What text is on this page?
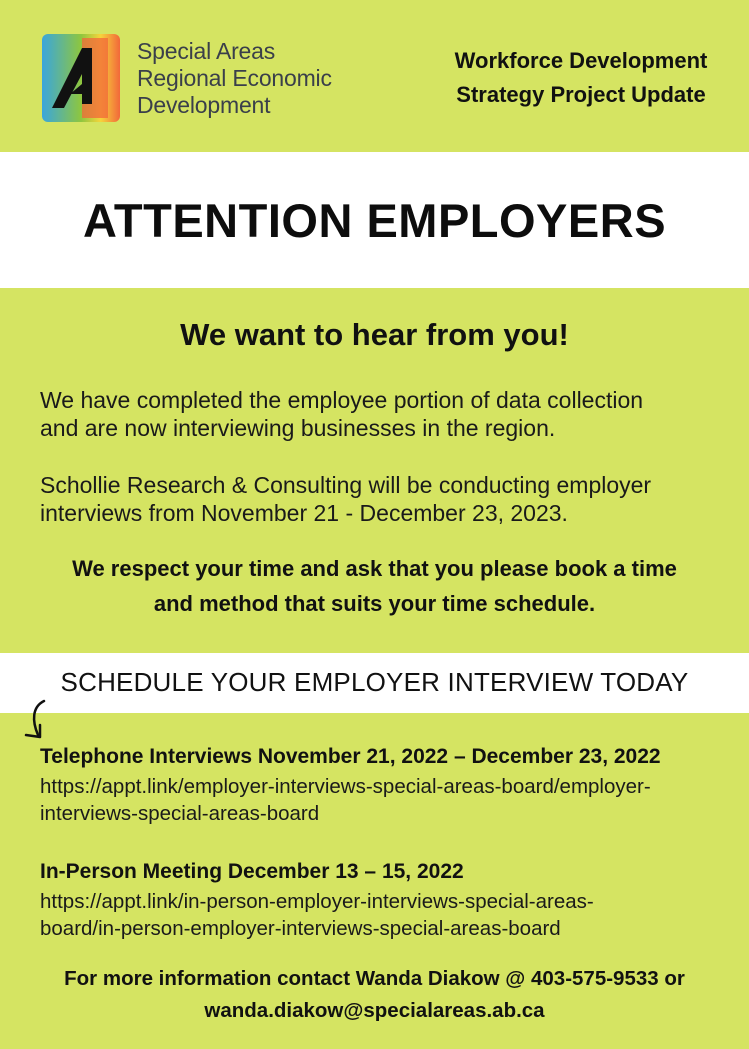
Special Areas
Regional Economic
Development
Workforce Development
Strategy Project Update
ATTENTION EMPLOYERS
We want to hear from you!
We have completed the employee portion of data collection
and are now interviewing businesses in the region.
Schollie Research & Consulting will be conducting employer
interviews from November 21 - December 23, 2023.
We respect your time and ask that you please book a time
and method that suits your time schedule.
SCHEDULE YOUR EMPLOYER INTERVIEW TODAY
Telephone Interviews November 21, 2022 – December 23, 2022
https://appt.link/employer-interviews-special-areas-board/employer-
interviews-special-areas-board
In-Person Meeting December 13 – 15, 2022
https://appt.link/in-person-employer-interviews-special-areas-
board/in-person-employer-interviews-special-areas-board
For more information contact Wanda Diakow @ 403-575-9533 or
wanda.diakow@specialareas.ab.ca
